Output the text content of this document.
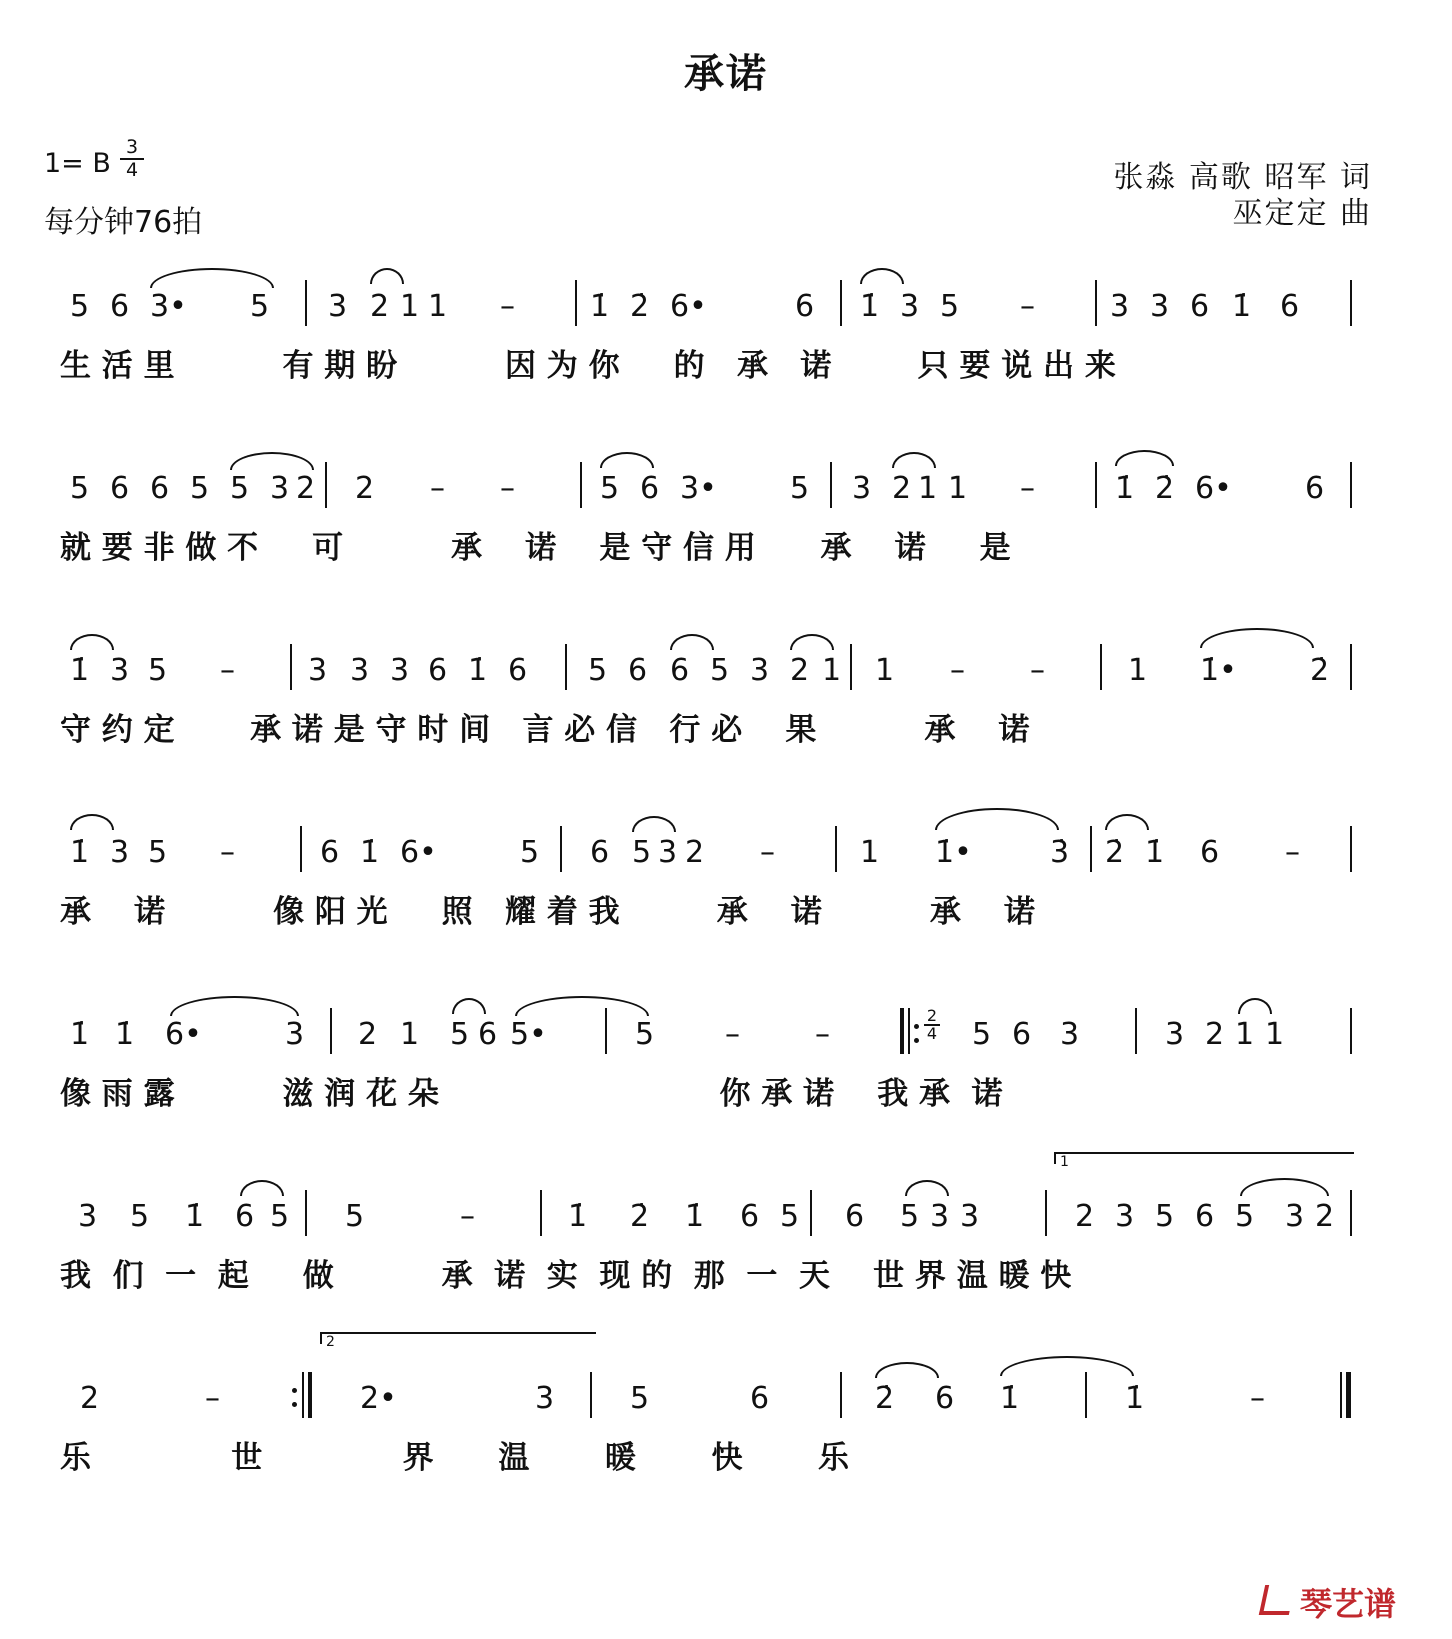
承诺
1= B
3
4
每分钟76拍
张淼 高歌 昭军 词
巫定定 曲
5 6 3• 5 3 2 1 1 –	1̇ 2̇ 6•	6 1̇ 3 5 –	3 3 6 1̇ 6
生 活 里          有 期 盼          因 为 你     的   承   诺        只 要 说 出 来
5 6 6 5 5 3 2 2 – –	5 6 3• 5 3 2 1 1 –	1̇ 2̇ 6• 6
就 要 非 做 不     可          承    诺    是 守 信 用      承    诺     是
1̇ 3 5 – 3 3 3 6 1̇ 6 5 6 6 5 3 2 1 1 – –	1 1̇• 2̇
守 约 定       承 诺 是 守 时 间   言 必 信   行 必    果          承    诺
1̇ 3 5 –	6 1̇ 6•	5 6 5 3 2 –	1 1̇•	3̇ 2̇ 1̇ 6 –
承    诺          像 阳 光     照   耀 着 我         承    诺          承    诺
1̇ 1̇ 6•	3 2 1 5 6 5•	5 –	–	5 6 3	3 2 1 1
像 雨 露          滋 润 花 朵                          你 承 诺    我 承  诺
2

4
1
3 5 1̇ 6 5 5	–	1̇ 2̇ 1̇ 6 5 6 5 3 3	2 3 5 6 5 3 2
我  们  一  起     做          承  诺  实  现 的  那  一  天    世 界 温 暖 快
2
2	–	2•	3	5	6	2̇ 6 1̇	1̇	–
乐             世             界      温       暖       快       乐
琴艺谱
